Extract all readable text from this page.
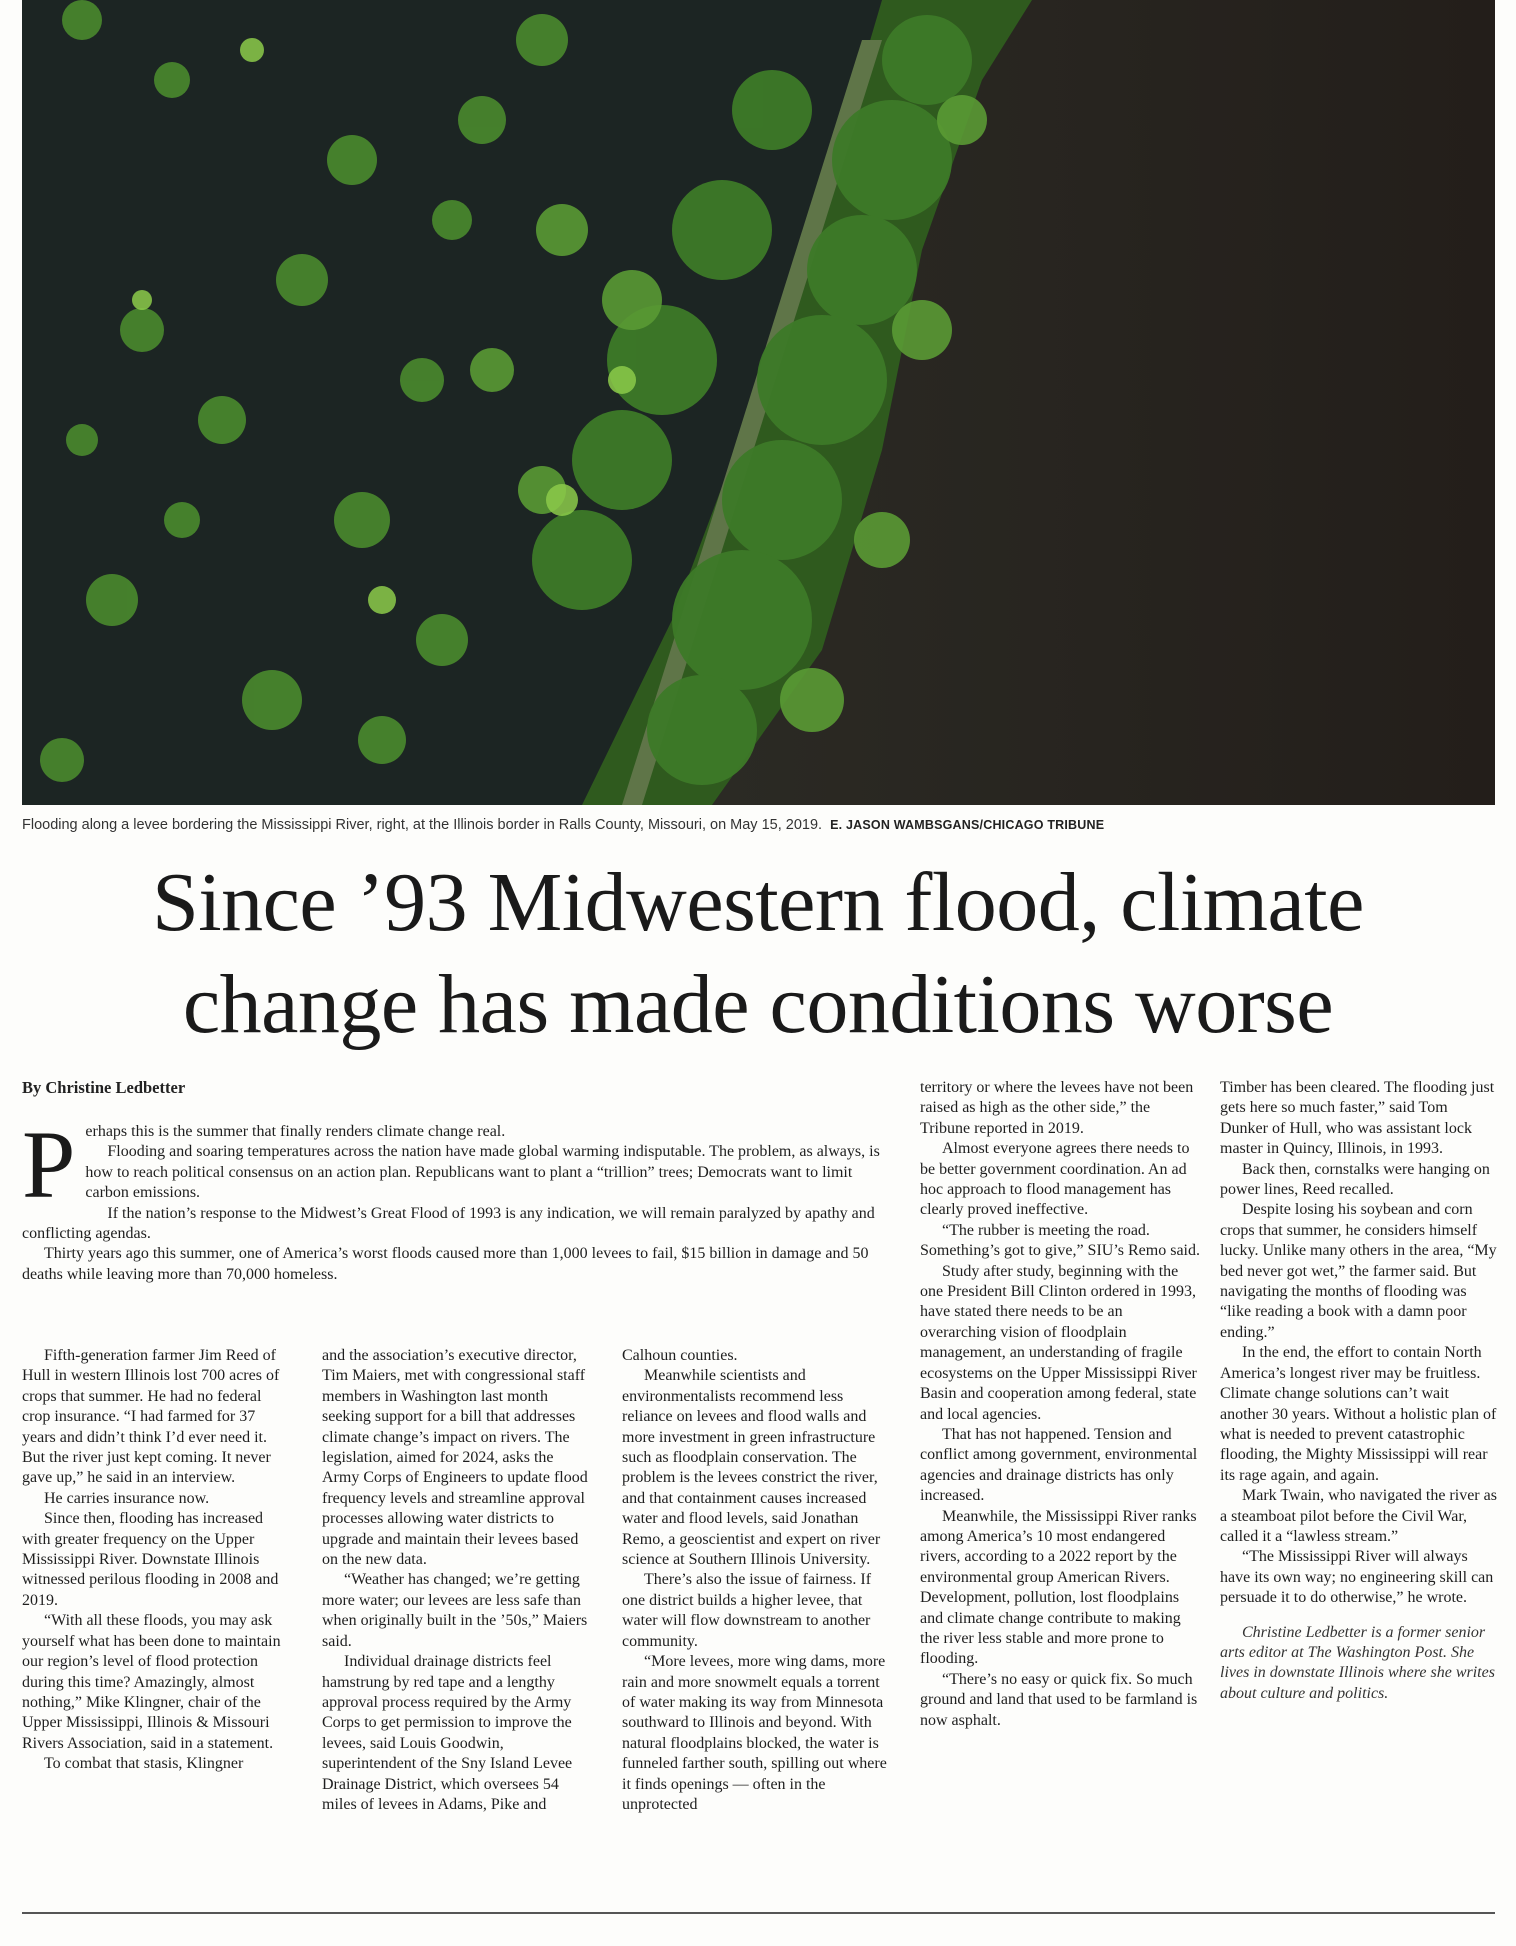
Flooding along a levee bordering the Mississippi River, right, at the Illinois border in Ralls County, Missouri, on May 15, 2019. E. JASON WAMBSGANS/CHICAGO TRIBUNE
Since ’93 Midwestern flood, climate
change has made conditions worse
By Christine Ledbetter
P erhaps this is the summer that finally renders climate change real.

Flooding and soaring temperatures across the nation have made global warming indisputable. The problem, as always, is how to reach political consensus on an action plan. Republicans want to plant a “trillion” trees; Democrats want to limit carbon emissions.

If the nation’s response to the Midwest’s Great Flood of 1993 is any indication, we will remain paralyzed by apathy and conflicting agendas.

Thirty years ago this summer, one of America’s worst floods caused more than 1,000 levees to fail, $15 billion in damage and 50 deaths while leaving more than 70,000 homeless.

Fifth-generation farmer Jim Reed of Hull in western Illinois lost 700 acres of crops that summer. He had no federal crop insurance. “I had farmed for 37 years and didn’t think I’d ever need it. But the river just kept coming. It never gave up,” he said in an interview.

He carries insurance now.

Since then, flooding has increased with greater frequency on the Upper Mississippi River. Downstate Illinois witnessed perilous flooding in 2008 and 2019.

“With all these floods, you may ask yourself what has been done to maintain our region’s level of flood protection during this time? Amazingly, almost nothing,” Mike Klingner, chair of the Upper Mississippi, Illinois & Missouri Rivers Association, said in a statement.

To combat that stasis, Klingner

and the association’s executive director, Tim Maiers, met with congressional staff members in Washington last month seeking support for a bill that addresses climate change’s impact on rivers. The legislation, aimed for 2024, asks the Army Corps of Engineers to update flood frequency levels and streamline approval processes allowing water districts to upgrade and maintain their levees based on the new data.

“Weather has changed; we’re getting more water; our levees are less safe than when originally built in the ’50s,” Maiers said.

Individual drainage districts feel hamstrung by red tape and a lengthy approval process required by the Army Corps to get permission to improve the levees, said Louis Goodwin, superintendent of the Sny Island Levee Drainage District, which oversees 54 miles of levees in Adams, Pike and

Calhoun counties.

Meanwhile scientists and environmentalists recommend less reliance on levees and flood walls and more investment in green infrastructure such as floodplain conservation. The problem is the levees constrict the river, and that containment causes increased water and flood levels, said Jonathan Remo, a geoscientist and expert on river science at Southern Illinois University.

There’s also the issue of fairness. If one district builds a higher levee, that water will flow downstream to another community.

“More levees, more wing dams, more rain and more snowmelt equals a torrent of water making its way from Minnesota southward to Illinois and beyond. With natural floodplains blocked, the water is funneled farther south, spilling out where it finds openings — often in the unprotected

territory or where the levees have not been raised as high as the other side,” the Tribune reported in 2019.

Almost everyone agrees there needs to be better government coordination. An ad hoc approach to flood management has clearly proved ineffective.

“The rubber is meeting the road. Something’s got to give,” SIU’s Remo said.

Study after study, beginning with the one President Bill Clinton ordered in 1993, have stated there needs to be an overarching vision of floodplain management, an understanding of fragile ecosystems on the Upper Mississippi River Basin and cooperation among federal, state and local agencies.

That has not happened. Tension and conflict among government, environmental agencies and drainage districts has only increased.

Meanwhile, the Mississippi River ranks among America’s 10 most endangered rivers, according to a 2022 report by the environmental group American Rivers. Development, pollution, lost floodplains and climate change contribute to making the river less stable and more prone to flooding.

“There’s no easy or quick fix. So much ground and land that used to be farmland is now asphalt.

Timber has been cleared. The flooding just gets here so much faster,” said Tom Dunker of Hull, who was assistant lock master in Quincy, Illinois, in 1993.

Back then, cornstalks were hanging on power lines, Reed recalled.

Despite losing his soybean and corn crops that summer, he considers himself lucky. Unlike many others in the area, “My bed never got wet,” the farmer said. But navigating the months of flooding was “like reading a book with a damn poor ending.”

In the end, the effort to contain North America’s longest river may be fruitless. Climate change solutions can’t wait another 30 years. Without a holistic plan of what is needed to prevent catastrophic flooding, the Mighty Mississippi will rear its rage again, and again.

Mark Twain, who navigated the river as a steamboat pilot before the Civil War, called it a “lawless stream.”

“The Mississippi River will always have its own way; no engineering skill can persuade it to do otherwise,” he wrote.

Christine Ledbetter is a former senior arts editor at The Washington Post. She lives in downstate Illinois where she writes about culture and politics.
